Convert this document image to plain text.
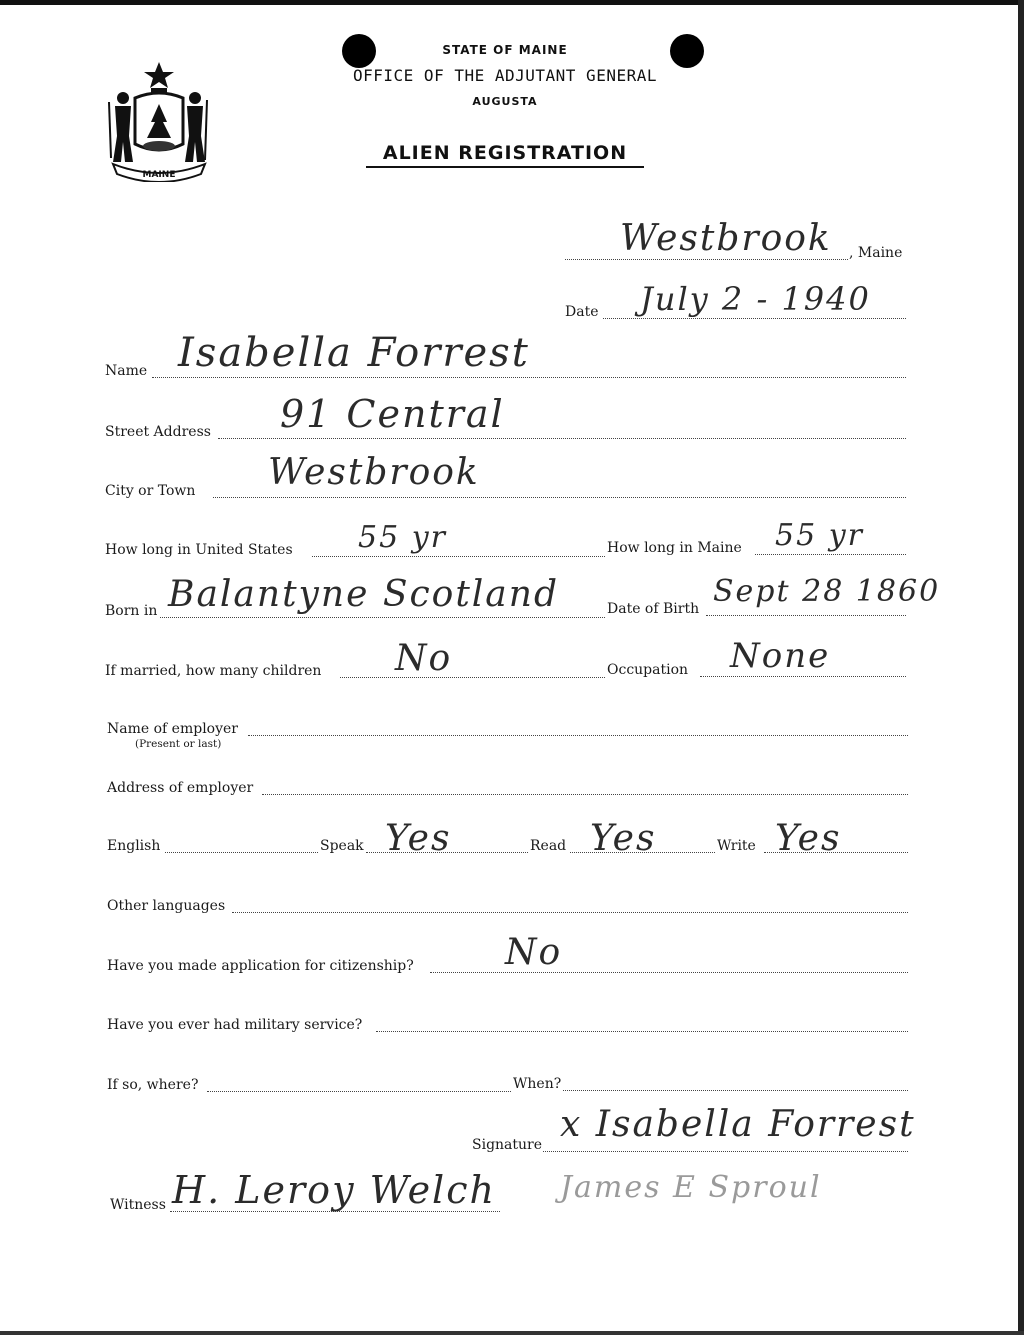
MAINE
STATE OF MAINE
OFFICE OF THE ADJUTANT GENERAL
AUGUSTA
ALIEN REGISTRATION
Westbrook , Maine
Date July 2 - 1940
Name Isabella Forrest
Street Address 91 Central
City or Town Westbrook
How long in United States 55 yr	How long in Maine 55 yr
Born in Balantyne Scotland	Date of Birth Sept 28 1860
If married, how many children No	Occupation None
Name of employer
(Present or last)
Address of employer
English	Speak Yes	Read Yes	Write Yes
Other languages
Have you made application for citizenship?	No
Have you ever had military service?
If so, where?	When?
Signature x Isabella Forrest
Witness H. Leroy Welch James E Sproul
